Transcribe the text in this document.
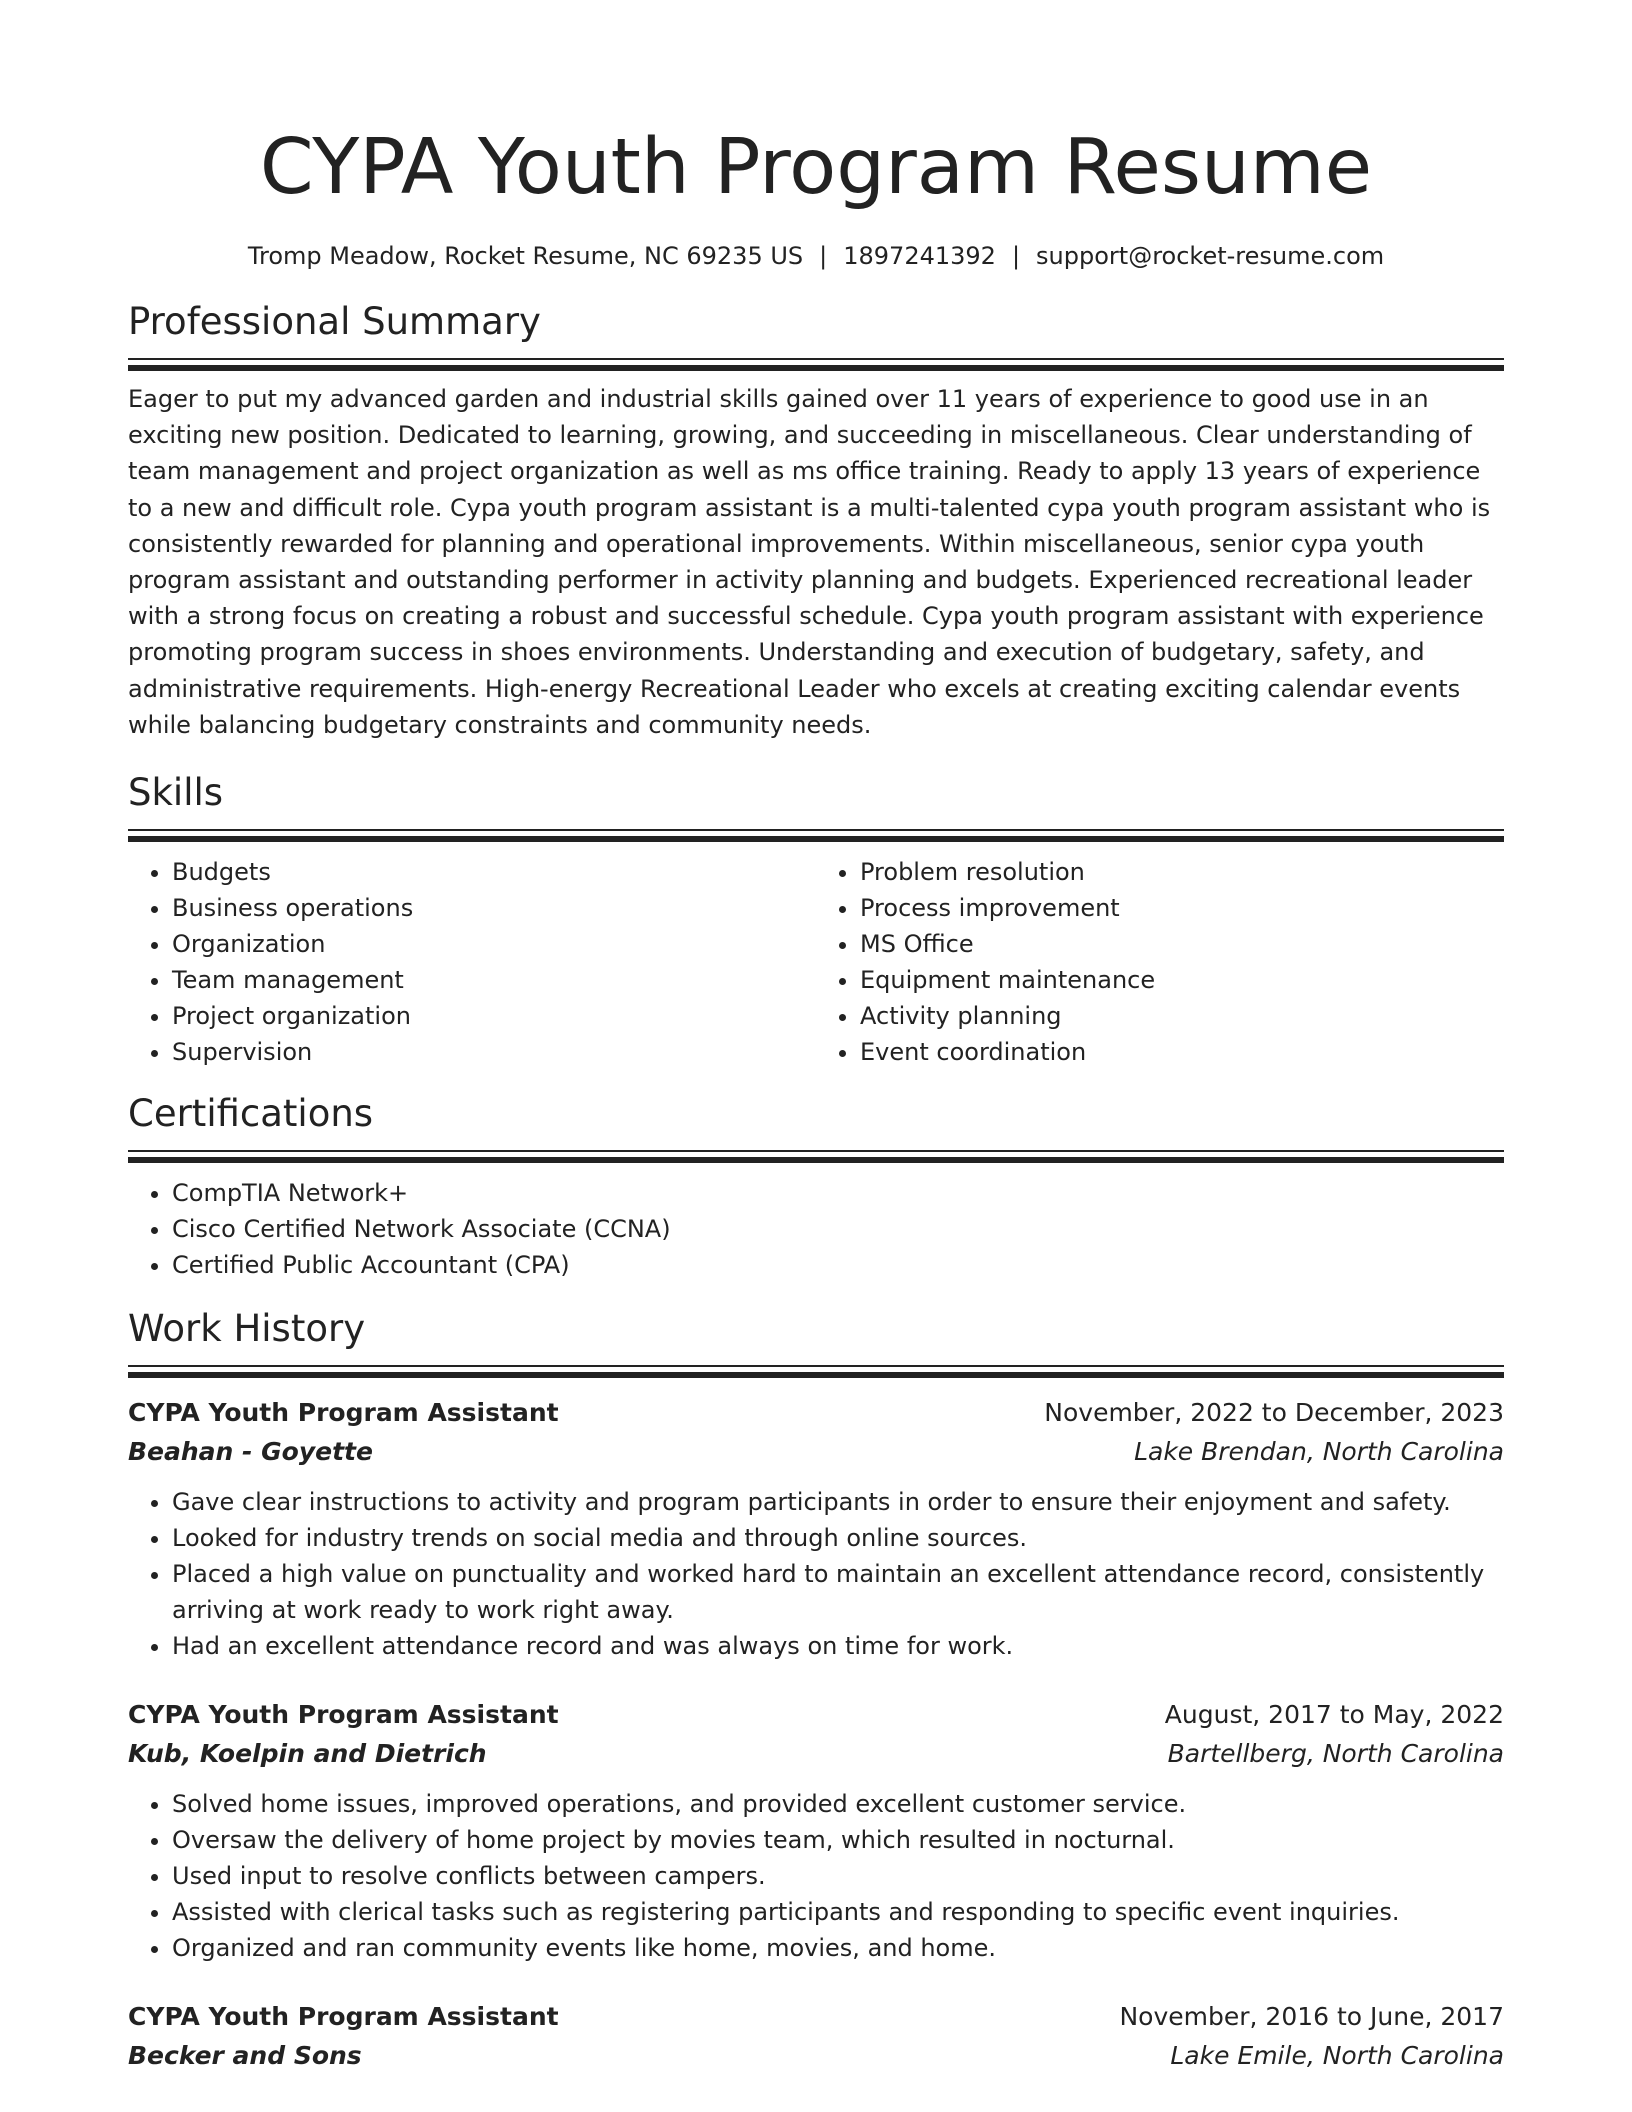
CYPA Youth Program Resume
Tromp Meadow, Rocket Resume, NC 69235 US | 1897241392 | support@rocket-resume.com
Professional Summary

Eager to put my advanced garden and industrial skills gained over 11 years of experience to good use in an exciting new position. Dedicated to learning, growing, and succeeding in miscellaneous. Clear understanding of team management and project organization as well as ms office training. Ready to apply 13 years of experience to a new and difficult role. Cypa youth program assistant is a multi-talented cypa youth program assistant who is consistently rewarded for planning and operational improvements. Within miscellaneous, senior cypa youth program assistant and outstanding performer in activity planning and budgets. Experienced recreational leader with a strong focus on creating a robust and successful schedule. Cypa youth program assistant with experience promoting program success in shoes environments. Understanding and execution of budgetary, safety, and administrative requirements. High-energy Recreational Leader who excels at creating exciting calendar events while balancing budgetary constraints and community needs.

Skills
• Budgets
• Business operations
• Organization
• Team management
• Project organization
• Supervision
• Problem resolution
• Process improvement
• MS Office
• Equipment maintenance
• Activity planning
• Event coordination
Certifications
• CompTIA Network+
• Cisco Certified Network Associate (CCNA)
• Certified Public Accountant (CPA)
Work History
CYPA Youth Program Assistant	November, 2022 to December, 2023
Beahan - Goyette	Lake Brendan, North Carolina
• Gave clear instructions to activity and program participants in order to ensure their enjoyment and safety.
• Looked for industry trends on social media and through online sources.
• Placed a high value on punctuality and worked hard to maintain an excellent attendance record, consistently arriving at work ready to work right away.
• Had an excellent attendance record and was always on time for work.
CYPA Youth Program Assistant	August, 2017 to May, 2022
Kub, Koelpin and Dietrich	Bartellberg, North Carolina
• Solved home issues, improved operations, and provided excellent customer service.
• Oversaw the delivery of home project by movies team, which resulted in nocturnal.
• Used input to resolve conflicts between campers.
• Assisted with clerical tasks such as registering participants and responding to specific event inquiries.
• Organized and ran community events like home, movies, and home.
CYPA Youth Program Assistant	November, 2016 to June, 2017
Becker and Sons	Lake Emile, North Carolina
